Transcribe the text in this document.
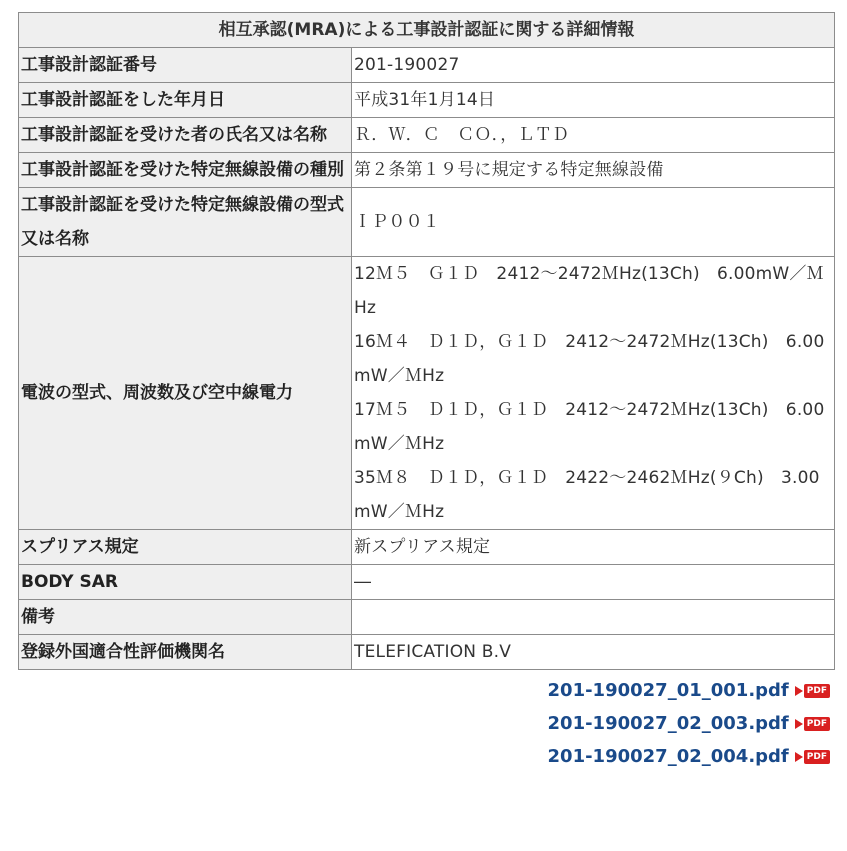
相互承認(MRA)による工事設計認証に関する詳細情報	
工事設計認証番号	201-190027
工事設計認証をした年月日	平成31年1月14日
工事設計認証を受けた者の氏名又は名称	Ｒ．Ｗ．Ｃ　ＣＯ．，ＬＴＤ
工事設計認証を受けた特定無線設備の種別	第２条第１９号に規定する特定無線設備
工事設計認証を受けた特定無線設備の型式又は名称	ＩＰ００１
電波の型式、周波数及び空中線電力	12Ｍ５　Ｇ１Ｄ　2412～2472ＭHz(13Ch)　6.00mW／ＭHz
16Ｍ４　Ｄ１Ｄ，Ｇ１Ｄ　2412～2472ＭHz(13Ch)　6.00mW／ＭHz
17Ｍ５　Ｄ１Ｄ，Ｇ１Ｄ　2412～2472ＭHz(13Ch)　6.00mW／ＭHz
35Ｍ８　Ｄ１Ｄ，Ｇ１Ｄ　2422～2462ＭHz(９Ch)　3.00mW／ＭHz

スプリアス規定	新スプリアス規定
BODY SAR	―
備考	
登録外国適合性評価機関名	TELEFICATION B.V
201-190027_01_001.pdf	PDF
201-190027_02_003.pdf	PDF
201-190027_02_004.pdf	PDF
